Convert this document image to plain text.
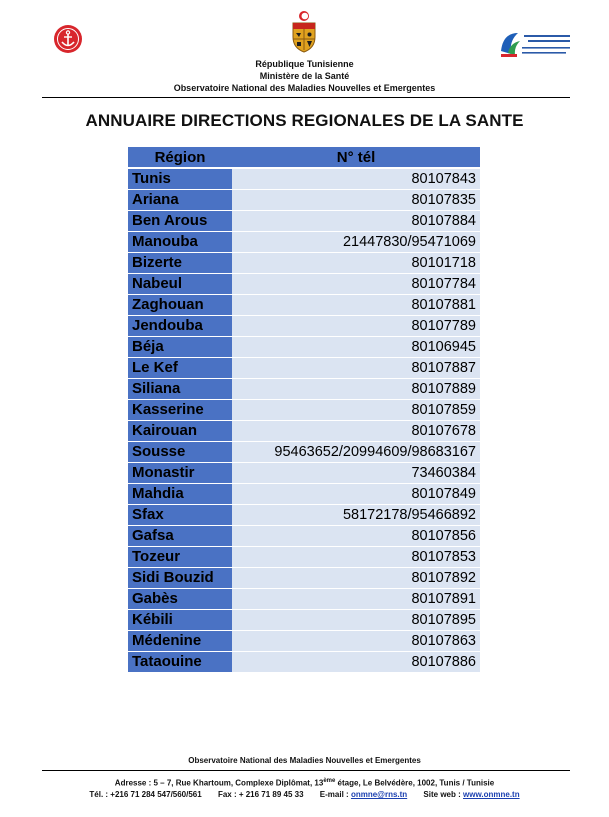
République Tunisienne
Ministère de la Santé
Observatoire National des Maladies Nouvelles et Emergentes
ANNUAIRE DIRECTIONS REGIONALES DE LA SANTE
Région	N° tél
Tunis	80107843
Ariana	80107835
Ben Arous	80107884
Manouba	21447830/95471069
Bizerte	80101718
Nabeul	80107784
Zaghouan	80107881
Jendouba	80107789
Béja	80106945
Le Kef	80107887
Siliana	80107889
Kasserine	80107859
Kairouan	80107678
Sousse	95463652/20994609/98683167
Monastir	73460384
Mahdia	80107849
Sfax	58172178/95466892
Gafsa	80107856
Tozeur	80107853
Sidi Bouzid	80107892
Gabès	80107891
Kébili	80107895
Médenine	80107863
Tataouine	80107886
Observatoire National des Maladies Nouvelles et Emergentes
Adresse : 5 – 7, Rue Khartoum, Complexe Diplômat, 13ème étage, Le Belvédère, 1002, Tunis / Tunisie
Tél. : +216 71 284 547/560/561 Fax : + 216 71 89 45 33 E-mail : onmne@rns.tn Site web : www.onmne.tn
